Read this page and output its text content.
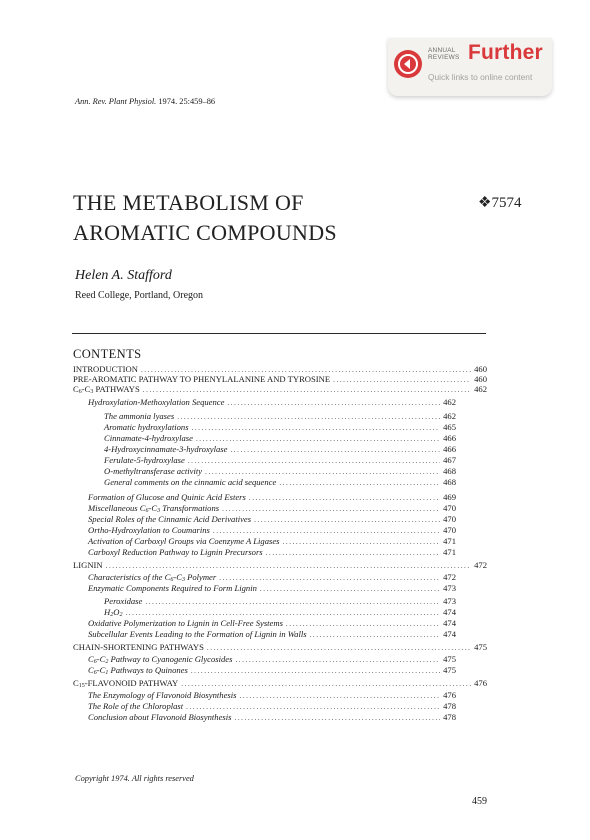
ANNUAL
REVIEWS Further
Quick links to online content
Ann. Rev. Plant Physiol. 1974. 25:459–86
THE METABOLISM OF
AROMATIC COMPOUNDS
❖7574
Helen A. Stafford
Reed College, Portland, Oregon
CONTENTS
INTRODUCTION .....	460
PRE-AROMATIC PATHWAY TO PHENYLALANINE AND TYROSINE .....	460
C6-C3 PATHWAYS .....	462
Hydroxylation-Methoxylation Sequence .....	462
The ammonia lyases .....	462
Aromatic hydroxylations .....	465
Cinnamate-4-hydroxylase .....	466
4-Hydroxycinnamate-3-hydroxylase .....	466
Ferulate-5-hydroxylase .....	467
O-methyltransferase activity .....	468
General comments on the cinnamic acid sequence .....	468
Formation of Glucose and Quinic Acid Esters .....	469
Miscellaneous C6-C3 Transformations .....	470
Special Roles of the Cinnamic Acid Derivatives .....	470
Ortho-Hydroxylation to Coumarins .....	470
Activation of Carboxyl Groups via Coenzyme A Ligases .....	471
Carboxyl Reduction Pathway to Lignin Precursors .....	471
LIGNIN .....	472
Characteristics of the C6-C3 Polymer .....	472
Enzymatic Components Required to Form Lignin .....	473
Peroxidase .....	473
H2O2 .....	474
Oxidative Polymerization to Lignin in Cell-Free Systems .....	474
Subcellular Events Leading to the Formation of Lignin in Walls .....	474
CHAIN-SHORTENING PATHWAYS .....	475
C6-C2 Pathway to Cyanogenic Glycosides .....	475
C6-C1 Pathways to Quinones .....	475
C15-FLAVONOID PATHWAY .....	476
The Enzymology of Flavonoid Biosynthesis .....	476
The Role of the Chloroplast .....	478
Conclusion about Flavonoid Biosynthesis .....	478
Copyright 1974. All rights reserved
459
